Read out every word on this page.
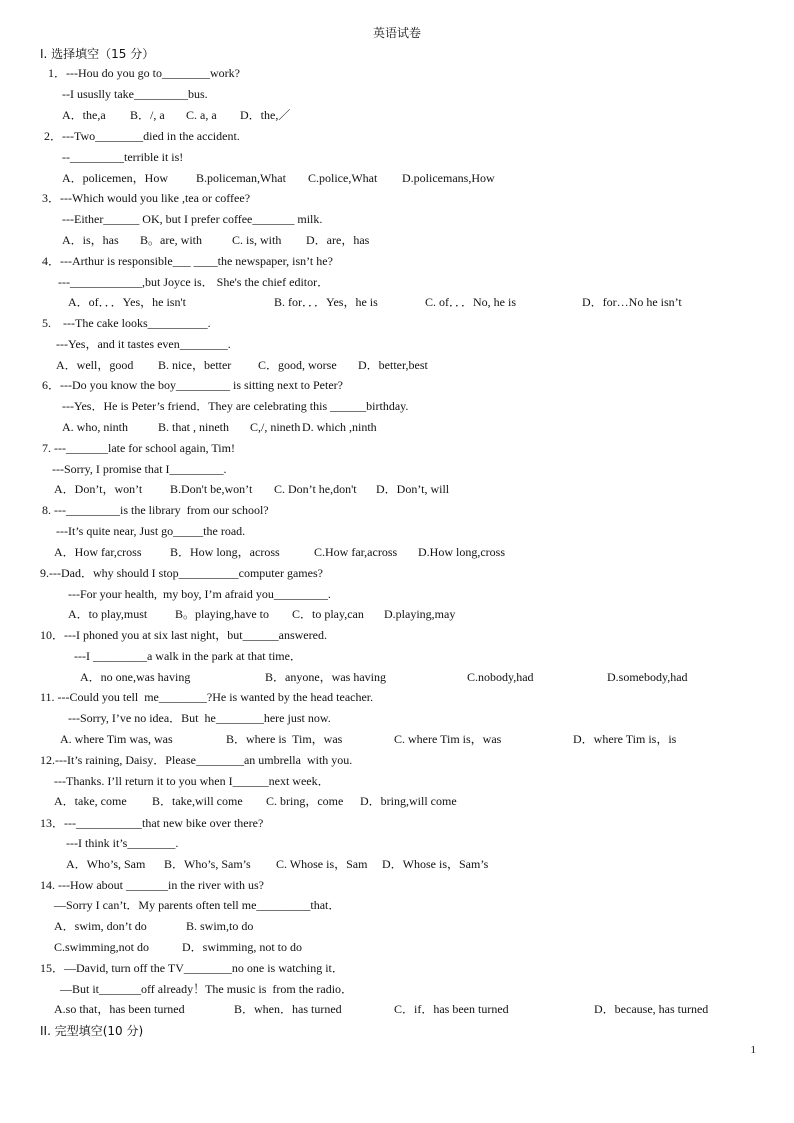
英语试卷
I. 选择填空（15 分）
1．---Hou do you go to________work?
--I ususlly take_________bus.
A．the,a B．/, a C. a, a D．the,／
2．---Two________died in the accident.
--_________terrible it is!
A．policemen，How B.policeman,What C.police,What D.policemans,How
3．---Which would you like ,tea or coffee?
---Either______ OK, but I prefer coffee_______ milk.
A．is，has B。are, with	C. is, with D．are，has
4．---Arthur is responsible___ ____the newspaper, isn’t he?
---____________,but Joyce is． She's the chief editor．
A．of．．．Yes，he isn't	B. for．．．Yes，he is	C. of．．．No, he is	D．for…No he isn’t
5.    ---The cake looks__________.
---Yes，and it tastes even________.
A．well，good B. nice，better C．good, worse D．better,best
6．---Do you know the boy_________ is sitting next to Peter?
---Yes．He is Peter’s friend．They are celebrating this ______birthday.
A. who, ninth	B. that , nineth C,/, nineth D. which ,ninth
7. ---_______late for school again, Tim!
---Sorry, I promise that I_________.
A．Don’t，won’t B.Don't be,won’t C. Don’t he,don't D．Don’t, will
8. ---_________is the library  from our school?
---It’s quite near, Just go_____the road.
A．How far,cross B．How long，across	C.How far,across D.How long,cross
9.---Dad．why should I stop__________computer games?
---For your health,  my boy, I’m afraid you_________.
A．to play,must B。playing,have to C．to play,can D.playing,may
10．---I phoned you at six last night，but______answered.
---I _________a walk in the park at that time．
A．no one,was having	B．anyone，was having	C.nobody,had	D.somebody,had
11. ---Could you tell  me________?He is wanted by the head teacher.
---Sorry, I’ve no idea．But  he________here just now.
A. where Tim was, was	B．where is  Tim，was	C. where Tim is，was	D．where Tim is，is
12.---It’s raining, Daisy．Please________an umbrella  with you.
---Thanks. I’ll return it to you when I______next week．
A．take, come B．take,will come C. bring，come D．bring,will come
13．---___________that new bike over there?
---I think it’s________.
A．Who’s, Sam B．Who’s, Sam’s C. Whose is，Sam D．Whose is，Sam’s
14. ---How about _______in the river with us?
—Sorry I can’t．My parents often tell me_________that．
A．swim, don’t do	B. swim,to do
C.swimming,not do	D．swimming, not to do
15．—David, turn off the TV________no one is watching it．
—But it_______off already！The music is  from the radio．
A.so that，has been turned	B．when．has turned	C．if．has been turned	D．because, has turned
II. 完型填空(10 分)
1
